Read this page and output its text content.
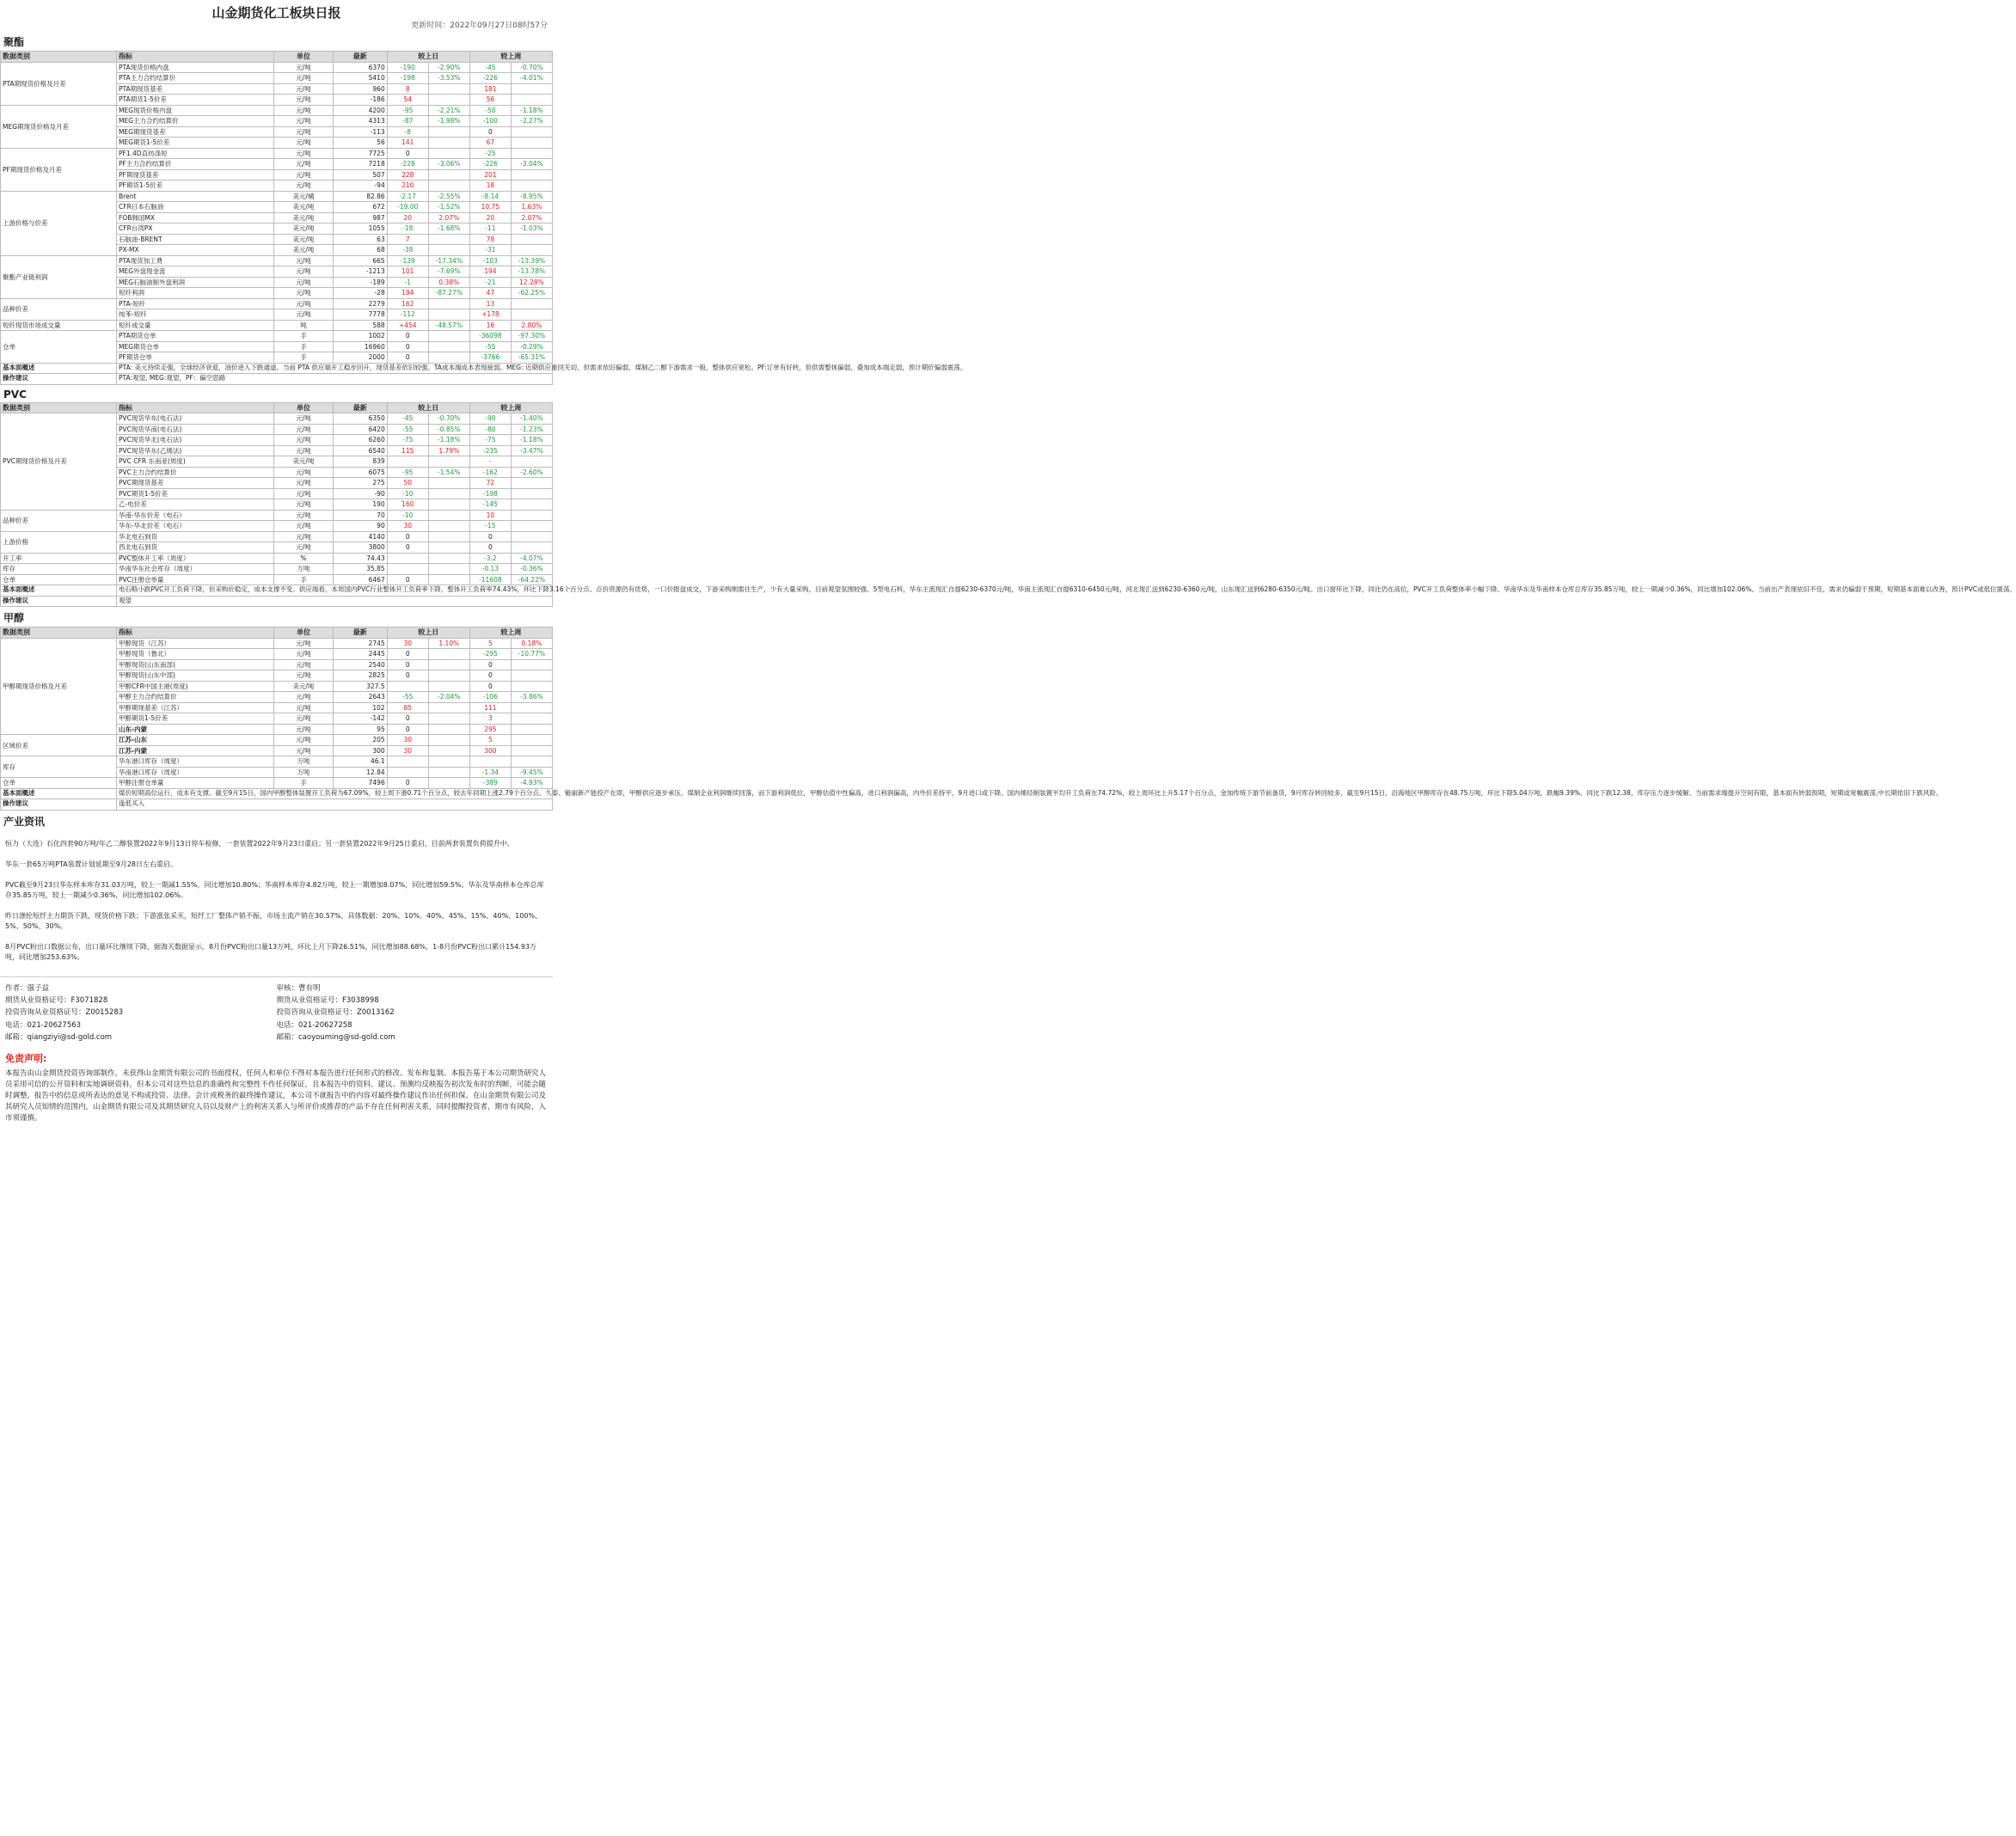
山金期货化工板块日报
更新时间：2022年09月27日08时57分
聚酯
数据类别	指标	单位	最新	较上日		较上周	
PTA期现货价格及月差	PTA现货价格内盘	元/吨	6370	-190	-2.90%	-45	-0.70%
	PTA主力合约结算价	元/吨	5410	-198	-3.53%	-226	-4.01%
	PTA期现货基差	元/吨	960	8		181	
	PTA期货1-5价差	元/吨	-186	54		56	
MEG期现货价格及月差	MEG现货价格内盘	元/吨	4200	-95	-2.21%	-50	-1.18%
	MEG主力合约结算价	元/吨	4313	-87	-1.98%	-100	-2.27%
	MEG期现货基差	元/吨	-113	-8		0	
	MEG期货1-5价差	元/吨	56	141		67	
PF期现货价格及月差	PF1.4D直纺涤短	元/吨	7725	0		-25	
	PF主力合约结算价	元/吨	7218	-228	-3.06%	-226	-3.04%
	PF期现货基差	元/吨	507	228		201	
	PF期货1-5价差	元/吨	-94	210		18	
上游价格与价差	Brent	美元/桶	82.86	-2.17	-2.55%	-8.14	-8.95%
	CFR日本石脑油	美元/吨	672	-19.00	-1.52%	10.75	1.63%
	FOB韩国MX	美元/吨	987	20	2.07%	20	2.07%
	CFR台湾PX	美元/吨	1055	-18	-1.68%	-11	-1.03%
	石脑油-BRENT	美元/吨	63	7		78	
	PX-MX	美元/吨	68	-38		-31	
聚酯产业链利润	PTA现货加工费	元/吨	665	-139	-17.34%	-103	-13.39%
	MEG外盘现金流	元/吨	-1213	101	-7.69%	194	-13.78%
	MEG石脑油制外盘利润	元/吨	-189	-1	0.38%	-21	12.28%
	短纤利润	元/吨	-28	194	-87.27%	47	-62.25%
品种价差	PTA-短纤	元/吨	2279	162		13	
	纯苯-短纤	元/吨	7778	-112		+178	
短纤现货市场成交量	短纤成交量	吨	588	+454	-48.57%	16	2.80%
仓单	PTA期货仓单	手	1002	0		-36098	-97.30%
	MEG期货仓单	手	16960	0		-55	-0.29%
	PF期货仓单	手	2000	0		-3766	-65.31%
基本面概述	PTA: 美元持续走强，全球经济衰退，油价进入下跌通道。当前 PTA 供应端开工稳步回升，现货基差依旧较强。TA成本端成本表现疲弱。MEG: 近期供应重回关切，但需求依旧偏弱，煤制乙二醇下游需求一般，整体供应宽松。PF:订单有好转，但供需整体偏弱，叠加成本端走弱，预计期价偏弱震荡。						
操作建议	PTA:观望, MEG:观望，PF：偏空思路						
PVC
数据类别	指标	单位	最新	较上日		较上周	
PVC期现货价格及月差	PVC现货华东(电石法)	元/吨	6350	-45	-0.70%	-90	-1.40%
	PVC现货华南(电石法)	元/吨	6420	-55	-0.85%	-80	-1.23%
	PVC现货华北(电石法)	元/吨	6260	-75	-1.18%	-75	-1.18%
	PVC现货华东(乙烯法)	元/吨	6540	115	1.79%	-235	-3.47%
	PVC CFR 东南亚(周度)	美元/吨	839			-	
	PVC主力合约结算价	元/吨	6075	-95	-1.54%	-162	-2.60%
	PVC期现货基差	元/吨	275	50		72	
	PVC期货1-5价差	元/吨	-90	-10		-198	
	乙-电价差	元/吨	190	160		-145	
品种价差	华南-华东价差（电石）	元/吨	70	-10		10	
	华东-华北价差（电石）	元/吨	90	30		-15	
上游价格	华北电石到货	元/吨	4140	0		0	
	西北电石到货	元/吨	3800	0		0	
开工率	PVC整体开工率（周度）	%	74.43			-3.2	-4.07%
库存	华南华东社会库存（周度）	万吨	35.85			-0.13	-0.36%
仓单	PVC注册仓单量	手	6467	0		-11608	-64.22%
基本面概述	电石略小跌PVC开工负荷下降，但采购价稳定，成本支撑不变。供应端看，本周国内PVC行业整体开工负荷率下降，整体开工负荷率74.43%，环比下降3.16个百分点。点价资源仍有优势，一口价报盘成交，下游采购刚需往生产，少有大量采购，目前观望氛围较强。5型电石料，华东主流现汇自提6230-6370元/吨，华南主流现汇自提6310-6450元/吨，河北现汇送到6230-6360元/吨，山东现汇送到6280-6350元/吨。出口窗环比下降，同比仍在高位，PVC开工负荷整体率小幅下降。华南华东及华南样本仓库总库存35.85万吨，较上一期减少0.36%，同比增加102.06%。当前出产表现依旧不佳，需求仍偏弱于预期，短期基本面难以改善，预计PVC或低位震荡。						
操作建议	观望						
甲醇
数据类别	指标	单位	最新	较上日		较上周	
甲醇期现货价格及月差	甲醇现货（江苏）	元/吨	2745	30	1.10%	5	0.18%
	甲醇现货（鲁北）	元/吨	2445	0		-295	-10.77%
	甲醇现货(山东南部)	元/吨	2540	0		0	
	甲醇现货(山东中部)	元/吨	2825	0		0	
	甲醇CFR中国主港(周度)	美元/吨	327.5			0	
	甲醇主力合约结算价	元/吨	2643	-55	-2.04%	-106	-3.86%
	甲醇期现基差（江苏）	元/吨	102	85		111	
	甲醇期货1-5价差	元/吨	-142	0		3	
	山东-内蒙	元/吨	95	0		295	
区域价差	江苏-山东	元/吨	205	30		5	
	江苏-内蒙	元/吨	300	30		300	
库存	华东港口库存（周度）	万吨	46.1				
	华南港口库存（周度）	万吨	12.84			-1.34	-9.45%
仓单	甲醇注册仓单量	手	7496	0		-389	-4.93%
基本面概述	煤价短期高位运行，成本有支撑。截至9月15日，国内甲醇整体装置开工负荷为67.09%，较上周下滑0.71个百分点，较去年同期上涨2.79个百分点。久泰、魁丽新产能投产在即，甲醇供应逐步承压。煤制企业利润继续回落，而下游利润低位，甲醇估值中性偏高，进口利润偏高，内外价差持平，9月进口或下降。国内烯烃制装置平均开工负荷在74.72%，较上周环比上升5.17个百分点，金加传统下游节前备货，9月库存转回较多，截至9月15日，沿海地区甲醇库存在48.75万吨，环比下降5.04万吨，跌幅9.39%，同比下跌12.38，库存压力逐步缓解。当前需求端提升空间有限，基本面有转弱预期，短期或宽幅震荡,中长期依旧下跌风险。						
操作建议	逢低买入						
产业资讯

恒力（大连）石化四套90万吨/年乙二醇装置2022年9月13日停车检修，一套装置2022年9月23日重启；另一套装置2022年9月25日重启，目前两套装置负荷提升中。

华东一套65万吨PTA装置计划延期至9月28日左右重启。

PVC截至9月23日华东样本库存31.03万吨，较上一期减1.55%，同比增加10.80%；华南样本库存4.82万吨，较上一期增加8.07%，同比增加59.5%。华东及华南样本仓库总库存35.85万吨，较上一期减少0.36%，同比增加102.06%。

昨日涤纶短纤主力期货下跌，现货价格下跌；下游涨张采买，短纤工厂整体产销不振，市场主流产销在30.57%，具体数据：20%、10%、40%、45%、15%、40%、100%、5%、50%、30%。

8月PVC粉出口数据公布，出口量环比继续下降，据海关数据显示，8月份PVC粉出口量13万吨，环比上月下降26.51%，同比增加88.68%，1-8月份PVC粉出口累计154.93万吨，同比增加253.63%。

作者：强子益
期货从业资格证号：F3071828
投资咨询从业资格证号：Z0015283
电话：021-20627563
邮箱：qiangziyi@sd-gold.com
审核：曹有明
期货从业资格证号：F3038998
投资咨询从业资格证号：Z0013162
电话：021-20627258
邮箱：caoyouming@sd-gold.com
免责声明:
本报告由山金期货投资咨询部制作，未获得山金期货有限公司的书面授权，任何人和单位不得对本报告进行任何形式的修改、发布和复制。本报告基于本公司期货研究人员采用可信的公开资料和实地调研资料，但本公司对这些信息的准确性和完整性不作任何保证，且本报告中的资料、建议、预测均反映报告初次发布时的判断，可能会随时调整。报告中的信息或所表达的意见不构成投资、法律、会计或税务的最终操作建议，本公司不就报告中的内容对最终操作建议作出任何担保。在山金期货有限公司及其研究人员知情的范围内，山金期货有限公司及其期货研究人员以及财产上的利害关系人与所评价或推荐的产品不存在任何利害关系，同时提醒投资者，期市有风险，入市须谨慎。
